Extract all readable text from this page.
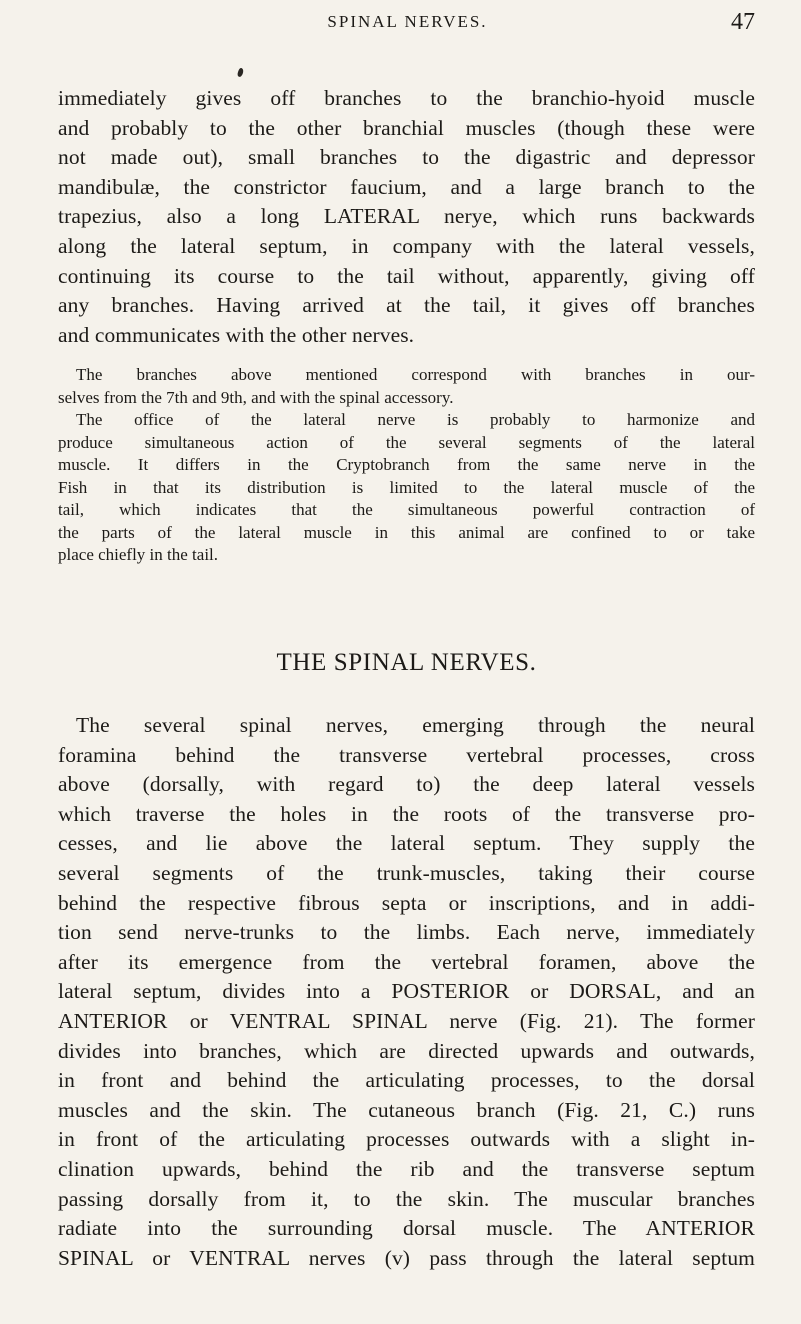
SPINAL NERVES.	47
immediately gives off branches to the branchio-hyoid muscle
and probably to the other branchial muscles (though these were
not made out), small branches to the digastric and depressor
mandibulæ, the constrictor faucium, and a large branch to the
trapezius, also a long LATERAL nerye, which runs backwards
along the lateral septum, in company with the lateral vessels,
continuing its course to the tail without, apparently, giving off
any branches. Having arrived at the tail, it gives off branches
and communicates with the other nerves.
The branches above mentioned correspond with branches in our-
selves from the 7th and 9th, and with the spinal accessory.
The office of the lateral nerve is probably to harmonize and
produce simultaneous action of the several segments of the lateral
muscle. It differs in the Cryptobranch from the same nerve in the
Fish in that its distribution is limited to the lateral muscle of the
tail, which indicates that the simultaneous powerful contraction of
the parts of the lateral muscle in this animal are confined to or take
place chiefly in the tail.
THE SPINAL NERVES.
The several spinal nerves, emerging through the neural
foramina behind the transverse vertebral processes, cross
above (dorsally, with regard to) the deep lateral vessels
which traverse the holes in the roots of the transverse pro-
cesses, and lie above the lateral septum. They supply the
several segments of the trunk-muscles, taking their course
behind the respective fibrous septa or inscriptions, and in addi-
tion send nerve-trunks to the limbs. Each nerve, immediately
after its emergence from the vertebral foramen, above the
lateral septum, divides into a POSTERIOR or DORSAL, and an
ANTERIOR or VENTRAL SPINAL nerve (Fig. 21). The former
divides into branches, which are directed upwards and outwards,
in front and behind the articulating processes, to the dorsal
muscles and the skin. The cutaneous branch (Fig. 21, C.) runs
in front of the articulating processes outwards with a slight in-
clination upwards, behind the rib and the transverse septum
passing dorsally from it, to the skin. The muscular branches
radiate into the surrounding dorsal muscle. The ANTERIOR
SPINAL or VENTRAL nerves (v) pass through the lateral septum
